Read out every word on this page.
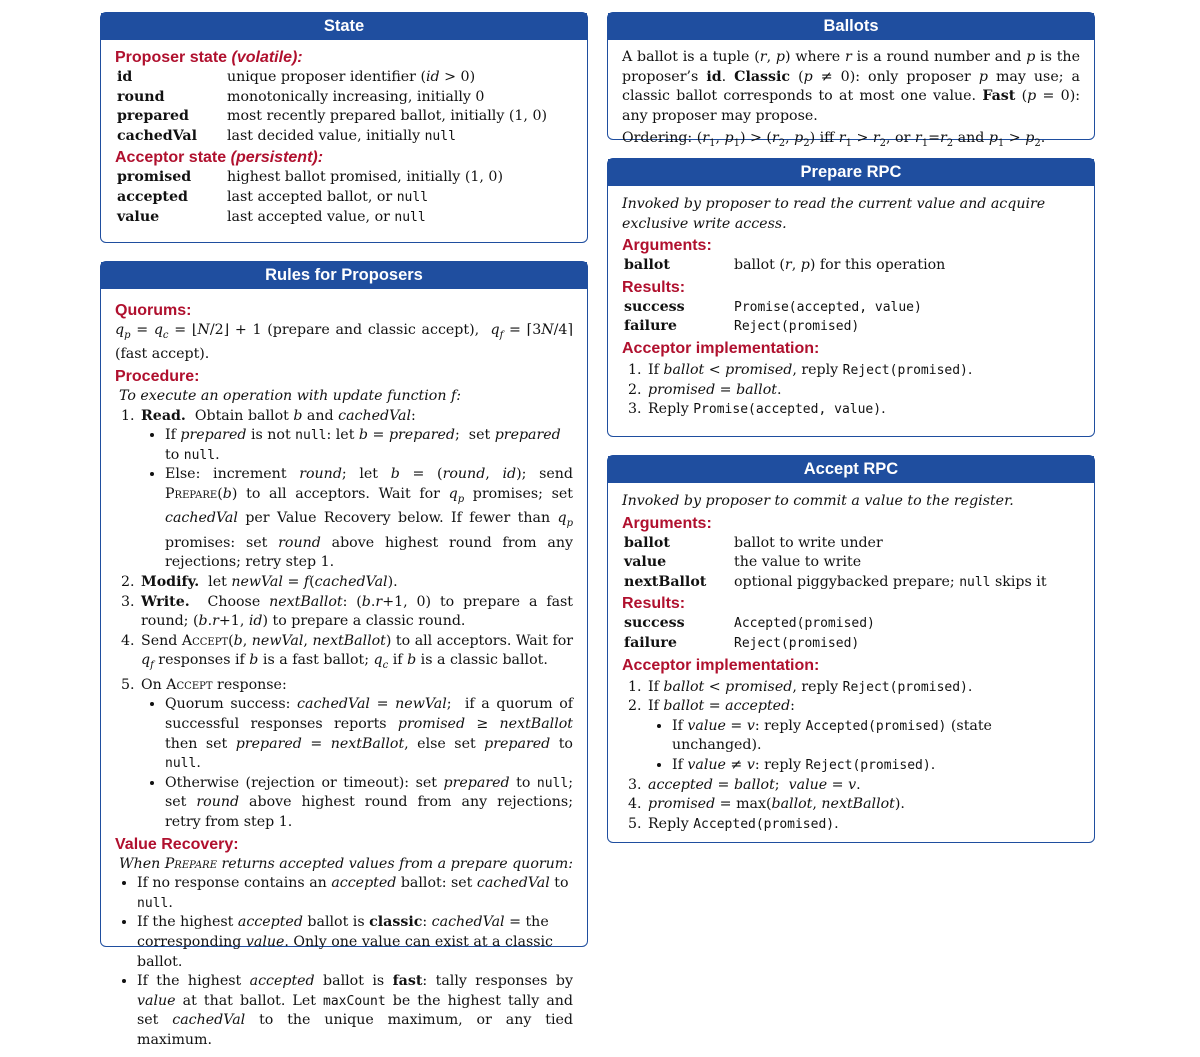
State
Proposer state (volatile):
id	unique proposer identifier (id > 0)
round	monotonically increasing, initially 0
prepared	most recently prepared ballot, initially (1, 0)
cachedVal	last decided value, initially null
Acceptor state (persistent):
promised	highest ballot promised, initially (1, 0)
accepted	last accepted ballot, or null
value	last accepted value, or null
Rules for Proposers
Quorums:
$q_p = q_c$ = ⌊N/2⌋ + 1 (prepare and classic accept),  $q_f$ = ⌈3N/4⌉ (fast accept).
Procedure:
To execute an operation with update function f:
1. Read.  Obtain ballot b and cachedVal:
• If prepared is not null: let b = prepared;  set prepared to null.
• Else: increment round; let b = (round, id); send Prepare(b) to all acceptors. Wait for $q_p$ promises; set cachedVal per Value Recovery below. If fewer than $q_p$ promises: set round above highest round from any rejections; retry step 1.
2. Modify.  let newVal = f(cachedVal).
3. Write.  Choose nextBallot: (b.r+1, 0) to prepare a fast round; (b.r+1, id) to prepare a classic round.
4. Send Accept(b, newVal, nextBallot) to all acceptors. Wait for $q_f$ responses if b is a fast ballot; $q_c$ if b is a classic ballot.
5. On Accept response:
• Quorum success: cachedVal = newVal;  if a quorum of successful responses reports promised ≥ nextBallot then set prepared = nextBallot, else set prepared to null.
• Otherwise (rejection or timeout): set prepared to null; set round above highest round from any rejections; retry from step 1.
Value Recovery:
When Prepare returns accepted values from a prepare quorum:
• If no response contains an accepted ballot: set cachedVal to null.
• If the highest accepted ballot is classic: cachedVal = the corresponding value. Only one value can exist at a classic ballot.
• If the highest accepted ballot is fast: tally responses by value at that ballot. Let maxCount be the highest tally and set cachedVal to the unique maximum, or any tied maximum.
Ballots
A ballot is a tuple (r, p) where r is a round number and p is the proposer’s id. Classic (p ≠ 0): only proposer p may use; a classic ballot corresponds to at most one value. Fast (p = 0): any proposer may propose.
Ordering: ($r_1$, $p_1) > (r_2$, $p_2$) iff $r_1 > r_2$, or $r_1=r_2$ and $p_1 > p_2$.
Prepare RPC
Invoked by proposer to read the current value and acquire exclusive write access.
Arguments:
ballot	ballot (r, p) for this operation
Results:
success	Promise(accepted, value)
failure	Reject(promised)
Acceptor implementation:
1. If ballot < promised, reply Reject(promised).
2. promised = ballot.
3. Reply Promise(accepted, value).
Accept RPC
Invoked by proposer to commit a value to the register.
Arguments:
ballot	ballot to write under
value	the value to write
nextBallot	optional piggybacked prepare; null skips it
Results:
success	Accepted(promised)
failure	Reject(promised)
Acceptor implementation:
1. If ballot < promised, reply Reject(promised).
2. If ballot = accepted:
• If value = v: reply Accepted(promised) (state unchanged).
• If value ≠ v: reply Reject(promised).
3. accepted = ballot;  value = v.
4. promised = max(ballot, nextBallot).
5. Reply Accepted(promised).
